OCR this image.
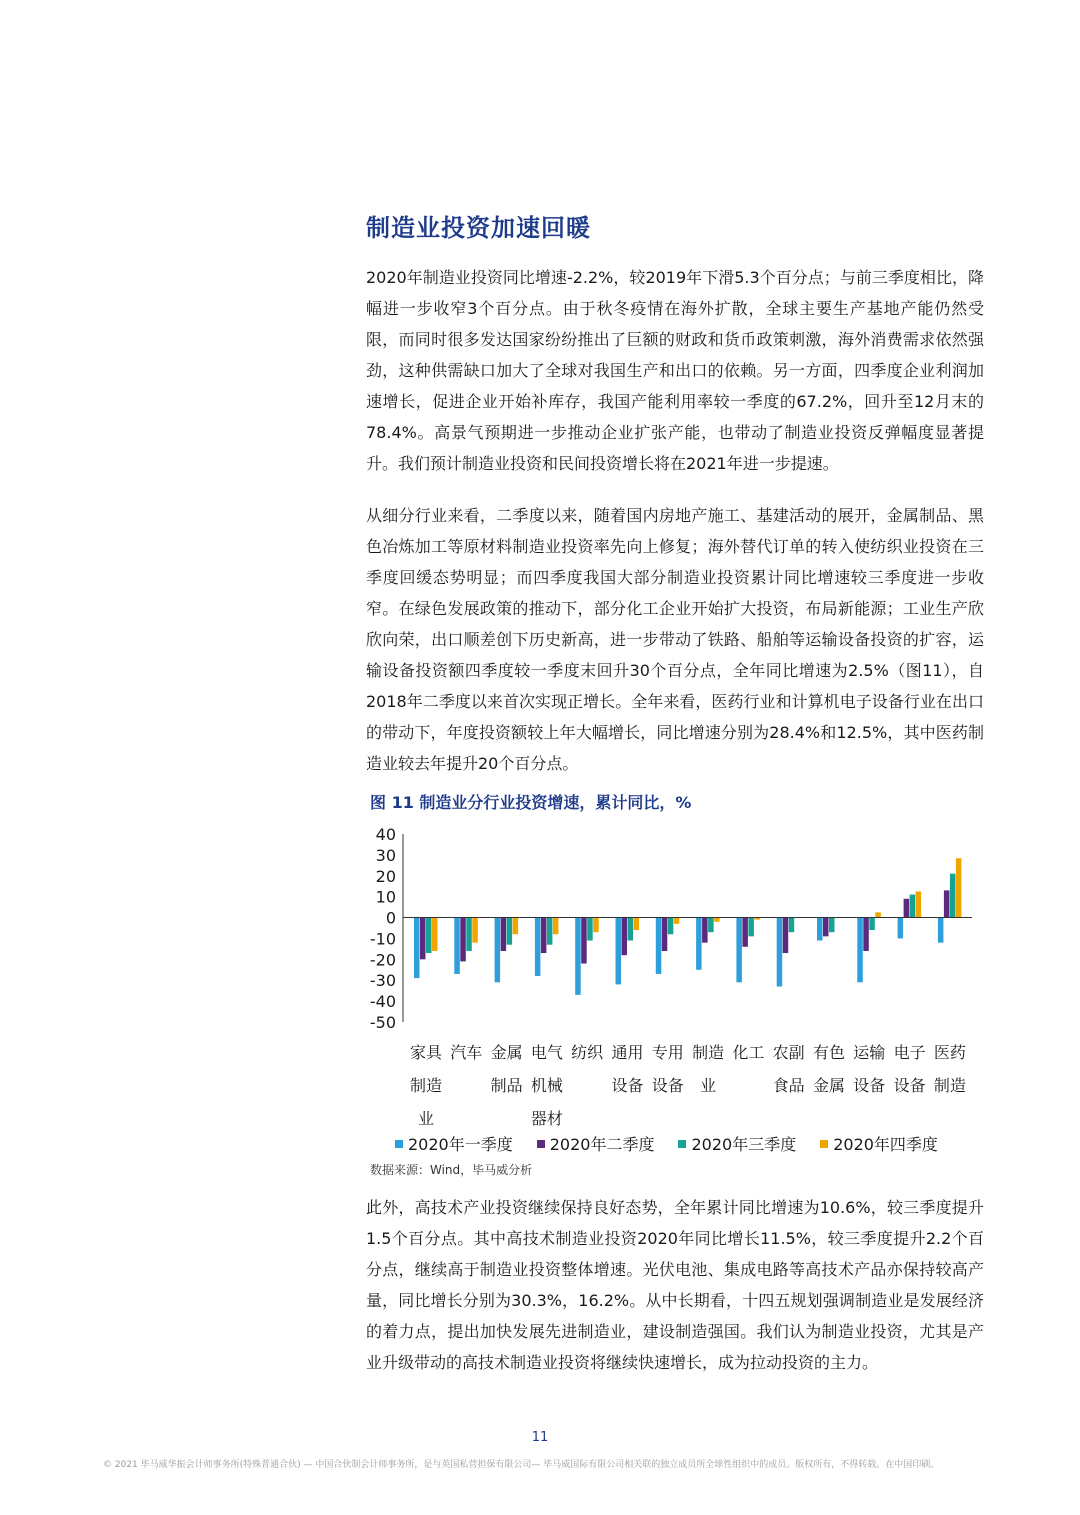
制造业投资加速回暖

2020年制造业投资同比增速-2.2%，较2019年下滑5.3个百分点；与前三季度相比，降幅进一步收窄3个百分点。由于秋冬疫情在海外扩散，全球主要生产基地产能仍然受限，而同时很多发达国家纷纷推出了巨额的财政和货币政策刺激，海外消费需求依然强劲，这种供需缺口加大了全球对我国生产和出口的依赖。另一方面，四季度企业利润加速增长，促进企业开始补库存，我国产能利用率较一季度的67.2%，回升至12月末的78.4%。高景气预期进一步推动企业扩张产能，也带动了制造业投资反弹幅度显著提升。我们预计制造业投资和民间投资增长将在2021年进一步提速。

从细分行业来看，二季度以来，随着国内房地产施工、基建活动的展开，金属制品、黑色冶炼加工等原材料制造业投资率先向上修复；海外替代订单的转入使纺织业投资在三季度回缓态势明显；而四季度我国大部分制造业投资累计同比增速较三季度进一步收窄。在绿色发展政策的推动下，部分化工企业开始扩大投资，布局新能源；工业生产欣欣向荣，出口顺差创下历史新高，进一步带动了铁路、船舶等运输设备投资的扩容，运输设备投资额四季度较一季度末回升30个百分点，全年同比增速为2.5%（图11），自2018年二季度以来首次实现正增长。全年来看，医药行业和计算机电子设备行业在出口的带动下，年度投资额较上年大幅增长，同比增速分别为28.4%和12.5%，其中医药制造业较去年提升20个百分点。

图 11 制造业分行业投资增速，累计同比，%

40
30
20
10
0
-10
-20
-30
-40
-50
家具
制造
业
汽车 金属
制品
电气
机械
器材
纺织 通用
设备
专用
设备
制造
业
化工 农副
食品
有色
金属
运输
设备
电子
设备
医药
制造
2020年一季度 2020年二季度 2020年三季度 2020年四季度

数据来源：Wind，毕马威分析

此外，高技术产业投资继续保持良好态势，全年累计同比增速为10.6%，较三季度提升1.5个百分点。其中高技术制造业投资2020年同比增长11.5%，较三季度提升2.2个百分点，继续高于制造业投资整体增速。光伏电池、集成电路等高技术产品亦保持较高产量，同比增长分别为30.3%，16.2%。从中长期看，十四五规划强调制造业是发展经济的着力点，提出加快发展先进制造业，建设制造强国。我们认为制造业投资，尤其是产业升级带动的高技术制造业投资将继续快速增长，成为拉动投资的主力。

11

© 2021 毕马威华振会计师事务所(特殊普通合伙) — 中国合伙制会计师事务所，是与英国私营担保有限公司— 毕马威国际有限公司相关联的独立成员所全球性组织中的成员。版权所有，不得转载。在中国印刷。
